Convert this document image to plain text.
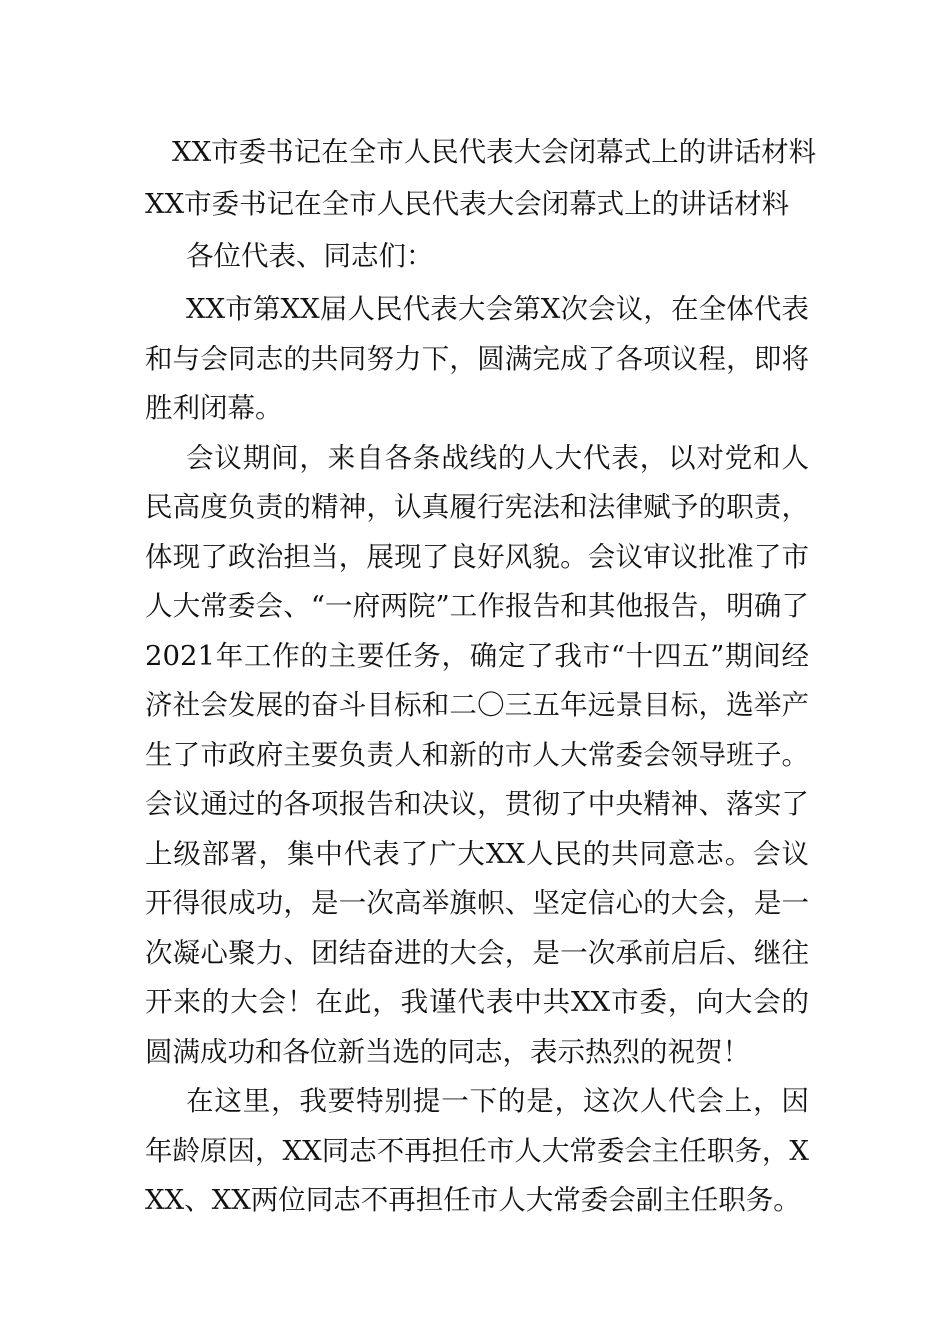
XX市委书记在全市人民代表大会闭幕式上的讲话材料
XX市委书记在全市人民代表大会闭幕式上的讲话材料

各位代表、同志们：

XX市第XX届人民代表大会第X次会议，在全体代表和与会同志的共同努力下，圆满完成了各项议程，即将胜利闭幕。

会议期间，来自各条战线的人大代表，以对党和人民高度负责的精神，认真履行宪法和法律赋予的职责，体现了政治担当，展现了良好风貌。会议审议批准了市人大常委会、“一府两院”工作报告和其他报告，明确了2021年工作的主要任务，确定了我市“十四五”期间经济社会发展的奋斗目标和二〇三五年远景目标，选举产生了市政府主要负责人和新的市人大常委会领导班子。会议通过的各项报告和决议，贯彻了中央精神、落实了上级部署，集中代表了广大XX人民的共同意志。会议开得很成功，是一次高举旗帜、坚定信心的大会，是一次凝心聚力、团结奋进的大会，是一次承前启后、继往开来的大会！在此，我谨代表中共XX市委，向大会的圆满成功和各位新当选的同志，表示热烈的祝贺！

在这里，我要特别提一下的是，这次人代会上，因年龄原因，XX同志不再担任市人大常委会主任职务，XXX、XX两位同志不再担任市人大常委会副主任职务。
